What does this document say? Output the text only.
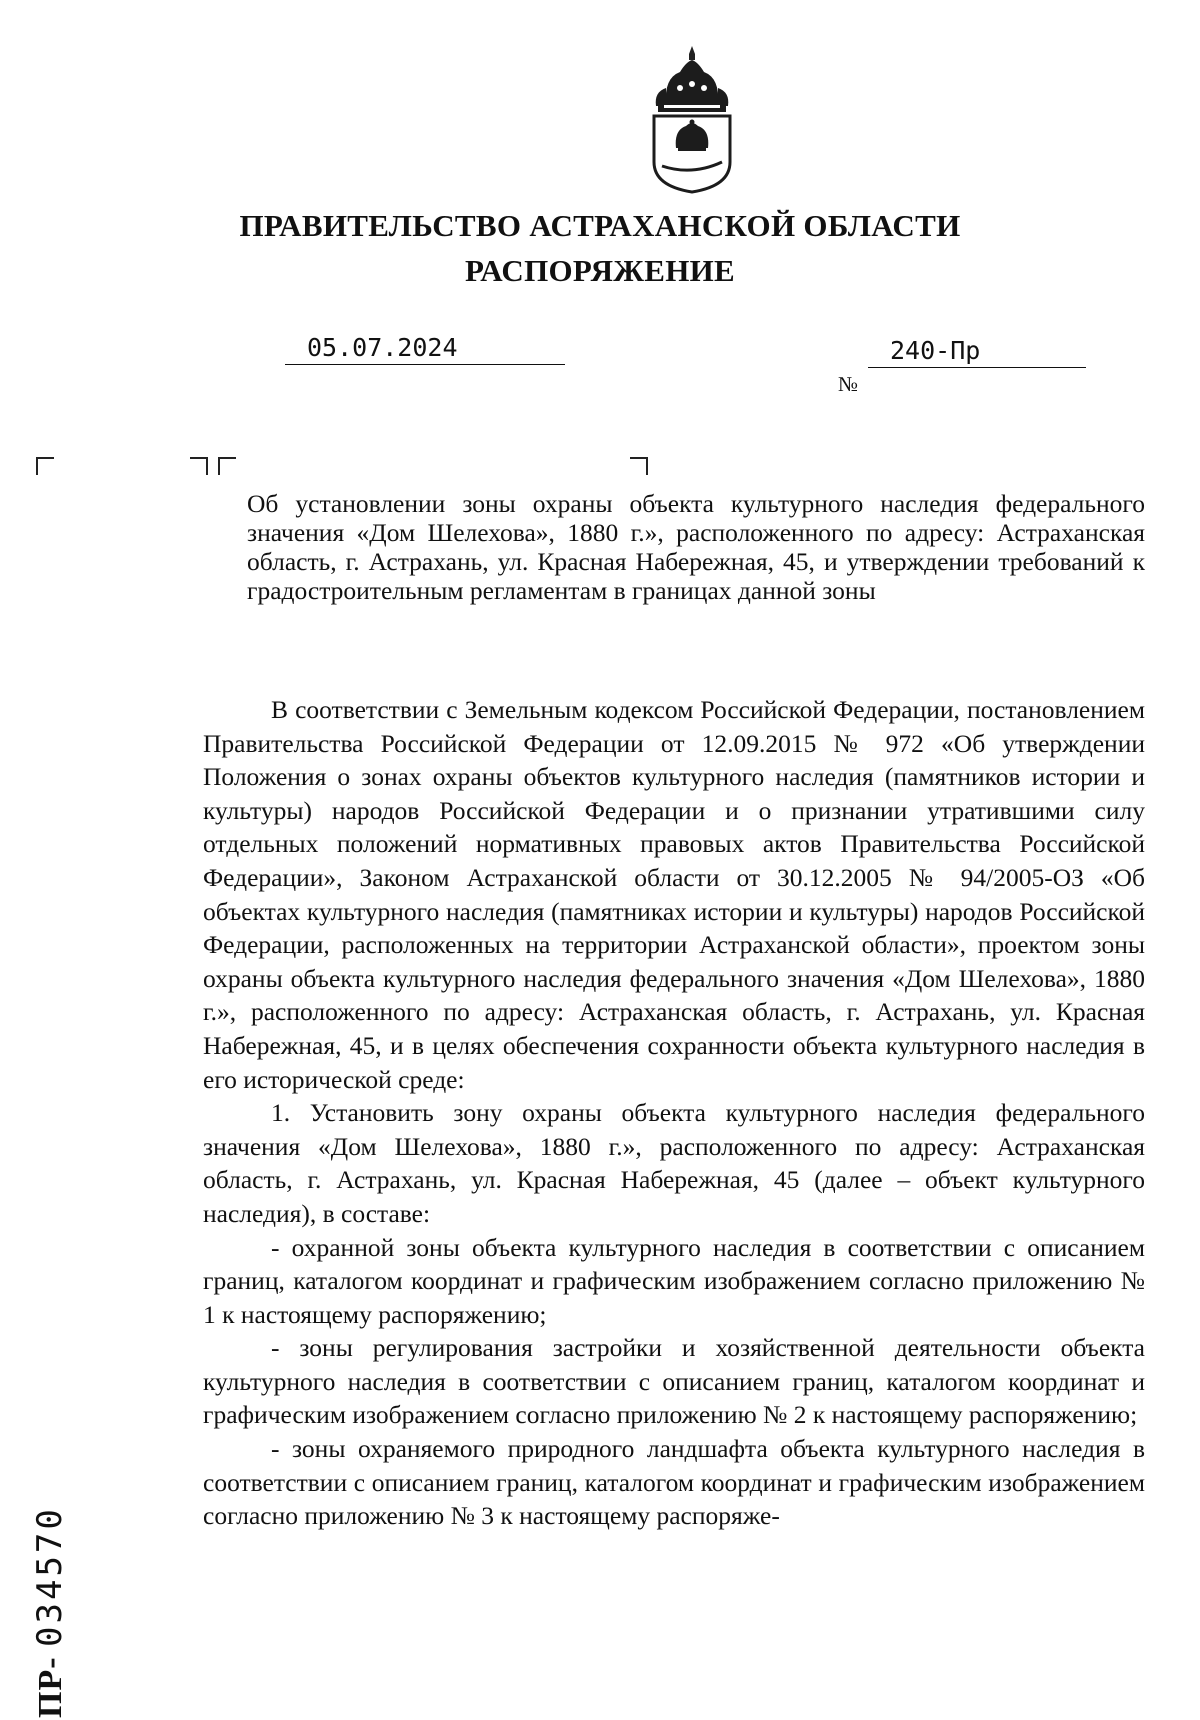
ПРАВИТЕЛЬСТВО АСТРАХАНСКОЙ ОБЛАСТИ
РАСПОРЯЖЕНИЕ
05.07.2024
№
240-Пр
Об установлении зоны охраны объекта культурного наследия федерального значения «Дом Шелехова», 1880 г.», расположенного по адресу: Астраханская область, г. Астрахань, ул. Красная Набережная, 45, и утверждении требований к градостроительным регламентам в границах данной зоны

В соответствии с Земельным кодексом Российской Федерации, постановлением Правительства Российской Федерации от 12.09.2015 № 972 «Об утверждении Положения о зонах охраны объектов культурного наследия (памятников истории и культуры) народов Российской Федерации и о признании утратившими силу отдельных положений нормативных правовых актов Правительства Российской Федерации», Законом Астраханской области от 30.12.2005 № 94/2005-ОЗ «Об объектах культурного наследия (памятниках истории и культуры) народов Российской Федерации, расположенных на территории Астраханской области», проектом зоны охраны объекта культурного наследия федерального значения «Дом Шелехова», 1880 г.», расположенного по адресу: Астраханская область, г. Астрахань, ул. Красная Набережная, 45, и в целях обеспечения сохранности объекта культурного наследия в его исторической среде:

1. Установить зону охраны объекта культурного наследия федерального значения «Дом Шелехова», 1880 г.», расположенного по адресу: Астраханская область, г. Астрахань, ул. Красная Набережная, 45 (далее – объект культурного наследия), в составе:

- охранной зоны объекта культурного наследия в соответствии с описанием границ, каталогом координат и графическим изображением согласно приложению № 1 к настоящему распоряжению;

- зоны регулирования застройки и хозяйственной деятельности объекта культурного наследия в соответствии с описанием границ, каталогом координат и графическим изображением согласно приложению № 2 к настоящему распоряжению;

- зоны охраняемого природного ландшафта объекта культурного наследия в соответствии с описанием границ, каталогом координат и графическим изображением согласно приложению № 3 к настоящему распоряже-

ПР- 034570
